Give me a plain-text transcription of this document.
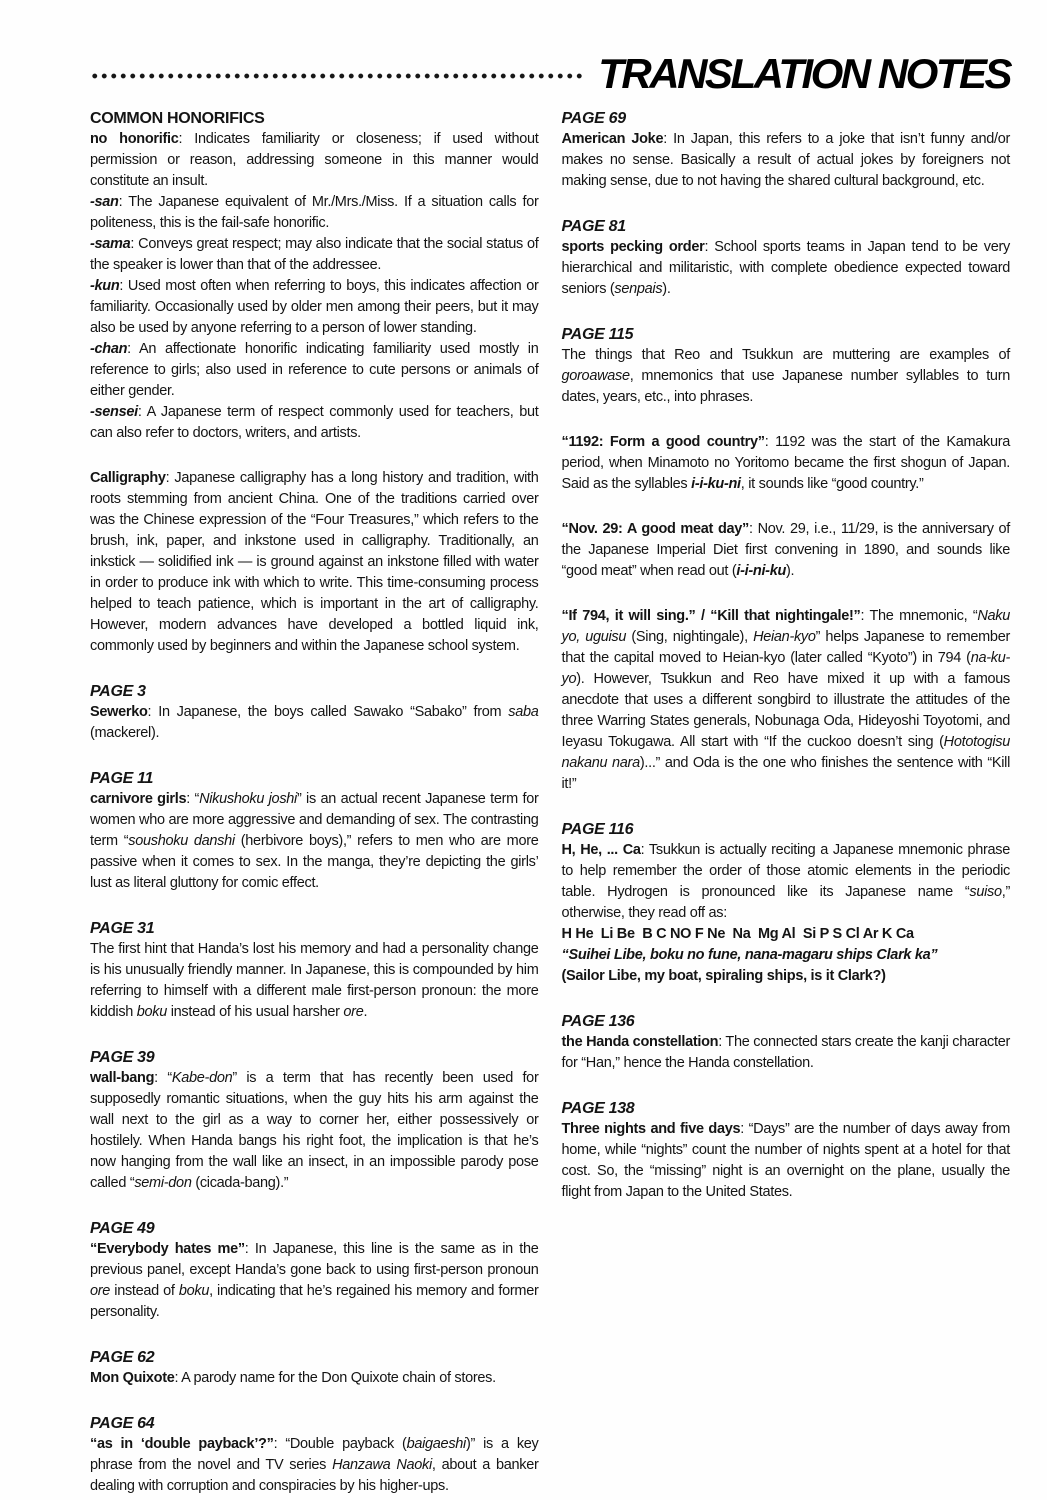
TRANSLATION NOTES
COMMON HONORIFICS

no honorific: Indicates familiarity or closeness; if used without permission or reason, addressing someone in this manner would constitute an insult.

-san: The Japanese equivalent of Mr./Mrs./Miss. If a situation calls for politeness, this is the fail-safe honorific.

-sama: Conveys great respect; may also indicate that the social status of the speaker is lower than that of the addressee.

-kun: Used most often when referring to boys, this indicates affection or familiarity. Occasionally used by older men among their peers, but it may also be used by anyone referring to a person of lower standing.

-chan: An affectionate honorific indicating familiarity used mostly in reference to girls; also used in reference to cute persons or animals of either gender.

-sensei: A Japanese term of respect commonly used for teachers, but can also refer to doctors, writers, and artists.

Calligraphy: Japanese calligraphy has a long history and tradition, with roots stemming from ancient China. One of the traditions carried over was the Chinese expression of the “Four Treasures,” which refers to the brush, ink, paper, and inkstone used in calligraphy. Traditionally, an inkstick — solidified ink — is ground against an inkstone filled with water in order to produce ink with which to write. This time-consuming process helped to teach patience, which is important in the art of calligraphy. However, modern advances have developed a bottled liquid ink, commonly used by beginners and within the Japanese school system.

PAGE 3

Sewerko: In Japanese, the boys called Sawako “Sabako” from saba (mackerel).

PAGE 11

carnivore girls: “Nikushoku joshi” is an actual recent Japanese term for women who are more aggressive and demanding of sex. The contrasting term “soushoku danshi (herbivore boys),” refers to men who are more passive when it comes to sex. In the manga, they’re depicting the girls’ lust as literal gluttony for comic effect.

PAGE 31

The first hint that Handa’s lost his memory and had a personality change is his unusually friendly manner. In Japanese, this is compounded by him referring to himself with a different male first-person pronoun: the more kiddish boku instead of his usual harsher ore.

PAGE 39

wall-bang: “Kabe-don” is a term that has recently been used for supposedly romantic situations, when the guy hits his arm against the wall next to the girl as a way to corner her, either possessively or hostilely. When Handa bangs his right foot, the implication is that he’s now hanging from the wall like an insect, in an impossible parody pose called “semi-don (cicada-bang).”

PAGE 49

“Everybody hates me”: In Japanese, this line is the same as in the previous panel, except Handa’s gone back to using first-person pronoun ore instead of boku, indicating that he’s regained his memory and former personality.

PAGE 62

Mon Quixote: A parody name for the Don Quixote chain of stores.

PAGE 64

“as in ‘double payback’?”: “Double payback (baigaeshi)” is a key phrase from the novel and TV series Hanzawa Naoki, about a banker dealing with corruption and conspiracies by his higher-ups.

PAGE 69

American Joke: In Japan, this refers to a joke that isn’t funny and/or makes no sense. Basically a result of actual jokes by foreigners not making sense, due to not having the shared cultural background, etc.

PAGE 81

sports pecking order: School sports teams in Japan tend to be very hierarchical and militaristic, with complete obedience expected toward seniors (senpais).

PAGE 115

The things that Reo and Tsukkun are muttering are examples of goroawase, mnemonics that use Japanese number syllables to turn dates, years, etc., into phrases.

“1192: Form a good country”: 1192 was the start of the Kamakura period, when Minamoto no Yoritomo became the first shogun of Japan. Said as the syllables i-i-ku-ni, it sounds like “good country.”

“Nov. 29: A good meat day”: Nov. 29, i.e., 11/29, is the anniversary of the Japanese Imperial Diet first convening in 1890, and sounds like “good meat” when read out (i-i-ni-ku).

“If 794, it will sing.” / “Kill that nightingale!”: The mnemonic, “Naku yo, uguisu (Sing, nightingale), Heian-kyo” helps Japanese to remember that the capital moved to Heian-kyo (later called “Kyoto”) in 794 (na-ku-yo). However, Tsukkun and Reo have mixed it up with a famous anecdote that uses a different songbird to illustrate the attitudes of the three Warring States generals, Nobunaga Oda, Hideyoshi Toyotomi, and Ieyasu Tokugawa. All start with “If the cuckoo doesn’t sing (Hototogisu nakanu nara)...” and Oda is the one who finishes the sentence with “Kill it!”

PAGE 116

H, He, ... Ca: Tsukkun is actually reciting a Japanese mnemonic phrase to help remember the order of those atomic elements in the periodic table. Hydrogen is pronounced like its Japanese name “suiso,” otherwise, they read off as:

H He  Li Be  B C NO F Ne  Na  Mg Al  Si P S Cl Ar K Ca

“Suihei Libe, boku no fune, nana-magaru ships Clark ka”

(Sailor Libe, my boat, spiraling ships, is it Clark?)

PAGE 136

the Handa constellation: The connected stars create the kanji character for “Han,” hence the Handa constellation.

PAGE 138

Three nights and five days: “Days” are the number of days away from home, while “nights” count the number of nights spent at a hotel for that cost. So, the “missing” night is an overnight on the plane, usually the flight from Japan to the United States.
